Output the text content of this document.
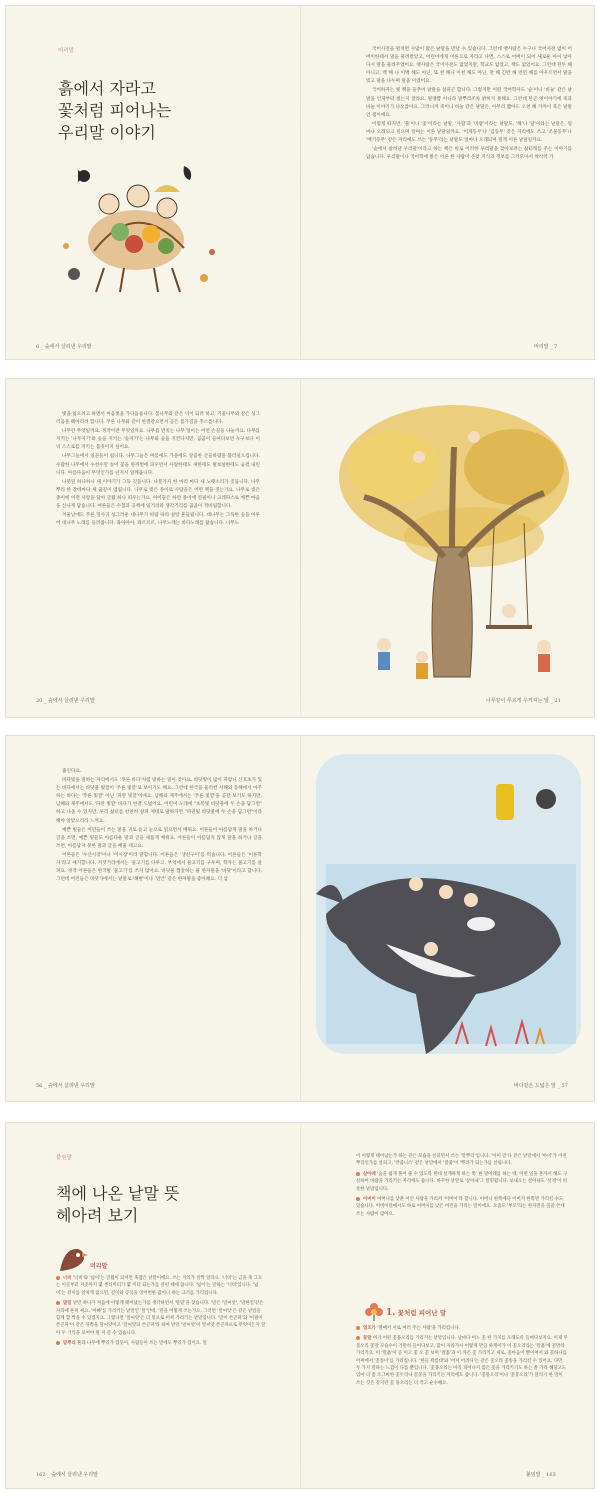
머리말
흙에서 자라고
꽃처럼 피어나는
우리말 이야기
6 _ 숲에서 살려낸 우리말

국어사전을 펼치면 수많이 많은 낱말을 만날 수 있습니다. 그런데 옛사람은 누구나 국어사전 없이 어버이한테서 말을 물려받았고, 어린이에게 이른으로 자라고 나면, 스스로 어버이 되어 새로운 아이 낳아 다시 말을 물려주었어요. 옛사람은 국어사전도 없었지만, 학교도 없었고, 책도 없었어요. 그런데 된두 해 아니고, 백 해 나 이백 해도 아닌, 또 천 해나 이천 해도 아닌, 만 해 긴반 해 먼먼 해를 아우르면서 말을 빚고 말을 나누며 말을 이었어요.

국어하자는 옛 책을 들추어 낱말을 살피곤 합니다. 그렇지만 어떤 국어학자도 '숲'이나 '비눌' 같은 낱말을 언제부터 썼는지 잘라요. 말맹쁨 아니라 말뿌리조차 밝히지 못해요. 그런데 탄곤 옛이야기에 죽과 바늘 이야기가 나오잖아요. 그러니까 죽이나 바늘 같은 낱말은, 아무리 짧아도 오천 해 가까이 묵은 낱말인 셈이에요.

이렇게 따지면, '풀'이나 '꽃'이라는 낱말, '사람'과 '바람'이라는 낱말도, '해'나 '달'이라는 낱말은, 얼마나 오래되고 깊으며 알며는 이른 낱말일까요. '어게동무'나 '김동무' 같은 자리에도 쓰고 '조물동무'나 '배기동무' 같은 자리에도 쓰는 '동무'라는 낱말도 얼마나 오래되며 깊게 이른 낱말일까요.

'숲에서 살려낸 우리말'이라고 하는 책은 바로 이러한 우리말을 찾아보려는 삶터래를 주는 이야기를 담습니다. 우리말이나 국어학에 밝은 어른 한 사람이 온갖 지식과 정보를 그러모아서 착착착 가

머리말 _ 7

빛을 잃으려고 하면서 마음빛을 가다듬습니다. 봄나무와 같은 넉이 되려 하고, 겨울나무와 같은 싱그러움을 헤아리려 합니다. 푸른 나무와 같이 한결같으면서 곧은 몸가짐을 추스릅니다.

나무란 무엇일까요. 정작이란 무엇일까요. 나무를 반치는 나무 잎이는 어떤 손길을 나눌까요. 나무를 지키는 '나무지기'와 숲을 지키는 '숲지기'는 나무와 숲을 지킨다지만, 곰곰이 들여다보면 누구보다 이녁 스스로를 지키는 몸짓이지 싶어요.

나무그늘에서 일꾼들이 쉽니다. 나무그늘은 여름에도 가을에도 상큼한 산들바람을 불러일으킵니다. 수많한 나무에서 수천수만 송이 꽃을 한꺼번에 피우면서 사람한테도 새한테도 벌보살한테도 숨결 내린니다. 아름다움이 무엇인가를 넌지시 일깨웁니다.

나뭇잎 하나하나 새 이야기가 그득 깃듭니다. 나뭇가지 한 마리 마다 새 노랫소리가 깃듭니다. 나무뿌리 한 간데마다 새 꿈길이 엽립니다. 나무로 빚은 종이로 사람들은 어떤 책을 짓는가요. 나무로 빚은 종이에 어떤 사랑을 담아 글월 하나 띄우는가요. 아이들은 하얀 종이에 연필이나 크레파스로 예쁜 마음을 신나게 담습니다. 어른들은 수첩과 공책에 일거리와 생각거리를 곰곰이 적바림합니다.

겨울날에도 푸른 잎사귀 싱그러운 대나무가 바람 따라 살랑 흔들립니다. 대나무는 그득한 숲을 이루어 대나무 노래를 들려줍니다. 좌아아아, 좌르르르, 나무노래는 바다노래를 닮습니다. 나무노

20 _ 숲에서 살려낸 우리말	나무같이 푸르게 우거지는 말 _ 21

줍인다요.

바다빛을 말하는 자리에서도 '푸른 바다'처럼 말하는 일이 잦아요. 바닷빛이 많이 파랗니 산호초가 있는 바다에서는 바닷물 빛깔이 '푸른 빛깔'로 보이기도 해요. 그런데 한국을 둘러싼 서해와 동해에서 마주하는 바다는 '푸른 빛깔' 아닌 '파란 빛깔'이에요. 남해와 제주에서는 '푸른 빛깔'을 곧잘 보기도 하지만, 남해와 제주에서도 '파란 빛깔' 바다가 한결 드넓어요. 어린이 노래에 "초록빛 바닷물에 두 손을 담그면" 하고 나올 수 있지만, 우리 삶터를 찬찬히 살펴 제대로 말하자면 "파란빛 바닷물에 두 손을 담그면"이라 해야 알맞으리라 느껴요.

예쁜 빛들은 어린들이 쓰는 말을 귀로 듣고 눈으로 읽으면서 배워요. 어른들이 아름답게 말을 하거나 글을 쓰면, 예쁜 빛들도 아름다운 말과 글을 새롭게 배워요. 어른들이 아름답지 않게 말을 하거나 글을 쓰면, 아름답지 못한 말과 글을 배울 테고요.

어른들은 '수산시장'이나 '어시장'이라 말합니다. 어른들은 '생선구이'를 먹습니다. 어른들은 '어류학자'라고 얘기합니다. 저잣거리에서는 '물고기를 다루고, 부엌에서 물고기를 구우며, 학자는 물고기를 살펴요. 정작 어른들은 한국말 '물고기'를 쓰지 않아요. 바닷물 짭잘하는 물 한자말을 '바닷'이라고 합니다. 그런데 어린들은 바닷가에서는 낱말로 '해변'이나 '연안' 같은 한자말을 좋아해요. 더 삼

56 _ 숲에서 살려낸 우리말	바다같은 드넓은 말 _ 57
붙임말
책에 나온 낱말 뜻
헤아려 보기
머리말
너비 '너비'와 '넓이'는 글월이 되어면 혹잡은 낱말이에요. 쓰는 자리가 살짝 달라요. '너비'는 금을 축 그으는 이곳부터 저곳까지 몇 센티미터가 몇 미터 되는가를 살핀 때에 씁니다. '넓이'는 말하는 '너비'입니다. '넓이'는 겉이를 알차게 없으면, 깊이와 공식을 엉어번한 값이니 하는 크기를 가리킵니다.
말밑 낱말 하나가 처음에 어떻게 태어났는가를 생각하면서 '말밑'을 찾습니다. '말은 '말씨앗', '말한일'같은 자리에 흔히 써요. '아빠'를 가리키는 낱말인 '말'안데, '말을 어떻게 쓰는가요. 그러면 '말씨앗'은 같은 낱말을 함께 할 짝을 수 있겠지요. 그렇다면 '말씨앗'은 더 밑으로 어찌 가리키는 낱말입니다. '말이 쓴곤파'와 '어필이 쓴곤파'이 같은 뒤쪽을 말씨앗이고 '말씨앗의 쓴곤파'라 하여 낱말 '말씨앗'이 말씨앗 쓴곤파으로 무엇이든지 알아 두 기억을 보여야 될 지 쓸 수 있습니다.
말뿌리 풀과 나무에 뿌리가 있듯이, 사람들이 쓰는 말에도 뿌리가 있어요. 말
162 _ 숲에서 살려낸 우리말
이 어떻게 태어났는가 하는 같은 모습을 살피면서 쓰는 '말뿌리'입니다. '아이 말'다 같은 낱말에서 '아이'가 어떤 뿌리인가를 살피고, '만줌니스' 같은 낱말에서 '말줌'이 '뿌리가 되는가를 살핍니다.
살아례 '숨을 쉽게 풀어 줄 수 있도록 한데 살게하게 하는 쪽' 한 달아래를 하는 데, 어떤 일을 혼자서 해도 구실하여 바람을 가리키는 자리에도 씁니다. 바꾸한 낱말로 '살아내'그 말밑됩니다. 보내오는 살아내도 '살게'이 비롯한 낱말입니다.
어버이 어머니를 낮춘 어린 사람을 가리켜 '어버이'라 합니다. 어버니 한쪽에다 어버지 한쪽만 가리킬 수도 있습니다. 어버이달에서도 바로 어버이를 낮은 어린을 가리는 말이에요. 요즘도 '부모'라는 한자말을 쓸쓸 쓴데 쓰는 사람이 많아요.
1. 꽃처럼 피어난 말
열조가 '열매서 서로 여러 주는 사람'을 가리킵니다.
꽃말 여기 어떤 꽃몽오리를 가리키는 낱말입니다. 난마다 여느 꽃 한 가지를 오래도록 들여다보지요. 이제 무 봄오리 꽃망 모습수이 가만히 들어다보고, 많이 자라가서 어떻게 만큼 하게이가 이 꽃오리라는 '말흙'에 꽃망라 가리키요. 이 '말흙'이 곧 이고 꽃 오 꽃 보며 '잘흙'과 이 까은 꽃 가리키고 새로, 꽃마음이 뿐이여서 와 꽃하나를 어쩌에서 '꽃송이'를 가리킵니다. '한들 꽉름대'와 '어서 어려다'는 같은 꽃오라 꽃송을 가리킬 수 있어요. 다만, 두 가지 말하는 느낌이 다를 뿐입니다. '꽃몽오리는 아직 피어나지 않은 꽃을 가리키기도 하는 쏠 가리 해당고도 엄마 더 좀 조그마한 꽃두리나 꽃봉을 가리키는 자리에도 씁니다. '꽃몽오리'이나 '꽃봉오리'가 달리기 한 말이 쓰는 것은 같지만 꽃 몽오리는 더 작고 순수해요.
붙임말 _ 163
